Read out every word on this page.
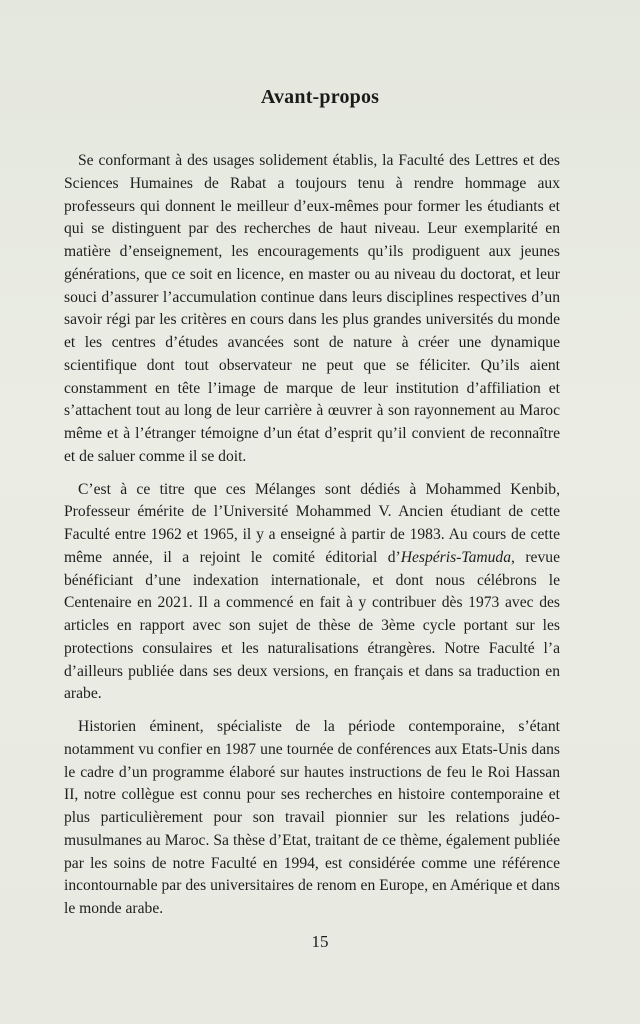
Avant-propos

Se conformant à des usages solidement établis, la Faculté des Lettres et des Sciences Humaines de Rabat a toujours tenu à rendre hommage aux professeurs qui donnent le meilleur d’eux-mêmes pour former les étudiants et qui se distinguent par des recherches de haut niveau. Leur exemplarité en matière d’enseignement, les encouragements qu’ils prodiguent aux jeunes générations, que ce soit en licence, en master ou au niveau du doctorat, et leur souci d’assurer l’accumulation continue dans leurs disciplines respectives d’un savoir régi par les critères en cours dans les plus grandes universités du monde et les centres d’études avancées sont de nature à créer une dynamique scientifique dont tout observateur ne peut que se féliciter. Qu’ils aient constamment en tête l’image de marque de leur institution d’affiliation et s’attachent tout au long de leur carrière à œuvrer à son rayonnement au Maroc même et à l’étranger témoigne d’un état d’esprit qu’il convient de reconnaître et de saluer comme il se doit.

C’est à ce titre que ces Mélanges sont dédiés à Mohammed Kenbib, Professeur émérite de l’Université Mohammed V. Ancien étudiant de cette Faculté entre 1962 et 1965, il y a enseigné à partir de 1983. Au cours de cette même année, il a rejoint le comité éditorial d’Hespéris-Tamuda, revue bénéficiant d’une indexation internationale, et dont nous célébrons le Centenaire en 2021. Il a commencé en fait à y contribuer dès 1973 avec des articles en rapport avec son sujet de thèse de 3ème cycle portant sur les protections consulaires et les naturalisations étrangères. Notre Faculté l’a d’ailleurs publiée dans ses deux versions, en français et dans sa traduction en arabe.

Historien éminent, spécialiste de la période contemporaine, s’étant notamment vu confier en 1987 une tournée de conférences aux Etats-Unis dans le cadre d’un programme élaboré sur hautes instructions de feu le Roi Hassan II, notre collègue est connu pour ses recherches en histoire contemporaine et plus particulièrement pour son travail pionnier sur les relations judéo-musulmanes au Maroc. Sa thèse d’Etat, traitant de ce thème, également publiée par les soins de notre Faculté en 1994, est considérée comme une référence incontournable par des universitaires de renom en Europe, en Amérique et dans le monde arabe.

15
